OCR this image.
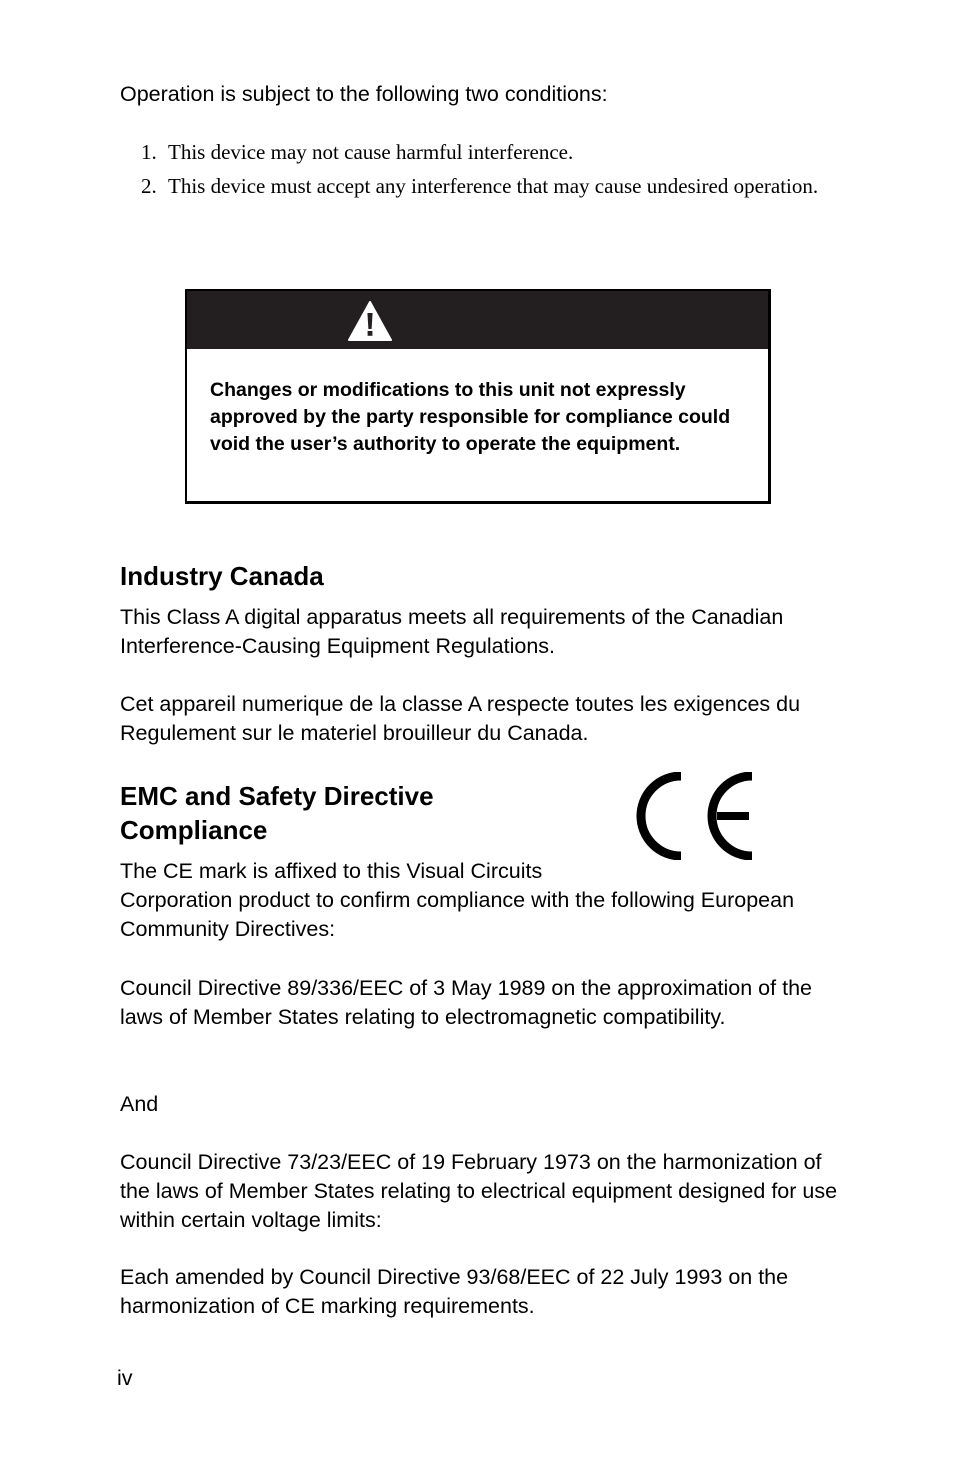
Operation is subject to the following two conditions:
1. This device may not cause harmful interference.
2. This device must accept any interference that may cause undesired operation.
Changes or modifications to this unit not expressly approved by the party responsible for compliance could void the user’s authority to operate the equipment.
Industry Canada
This Class A digital apparatus meets all requirements of the Canadian Interference-Causing Equipment Regulations.
Cet appareil numerique de la classe A respecte toutes les exigences du Regulement sur le materiel brouilleur du Canada.
EMC and Safety Directive
Compliance
The CE mark is affixed to this Visual Circuits
Corporation product to confirm compliance with the following European Community Directives:
Council Directive 89/336/EEC of 3 May 1989 on the approximation of the laws of Member States relating to electromagnetic compatibility.
And
Council Directive 73/23/EEC of 19 February 1973 on the harmonization of the laws of Member States relating to electrical equipment designed for use within certain voltage limits:
Each amended by Council Directive 93/68/EEC of 22 July 1993 on the harmonization of CE marking requirements.
iv
